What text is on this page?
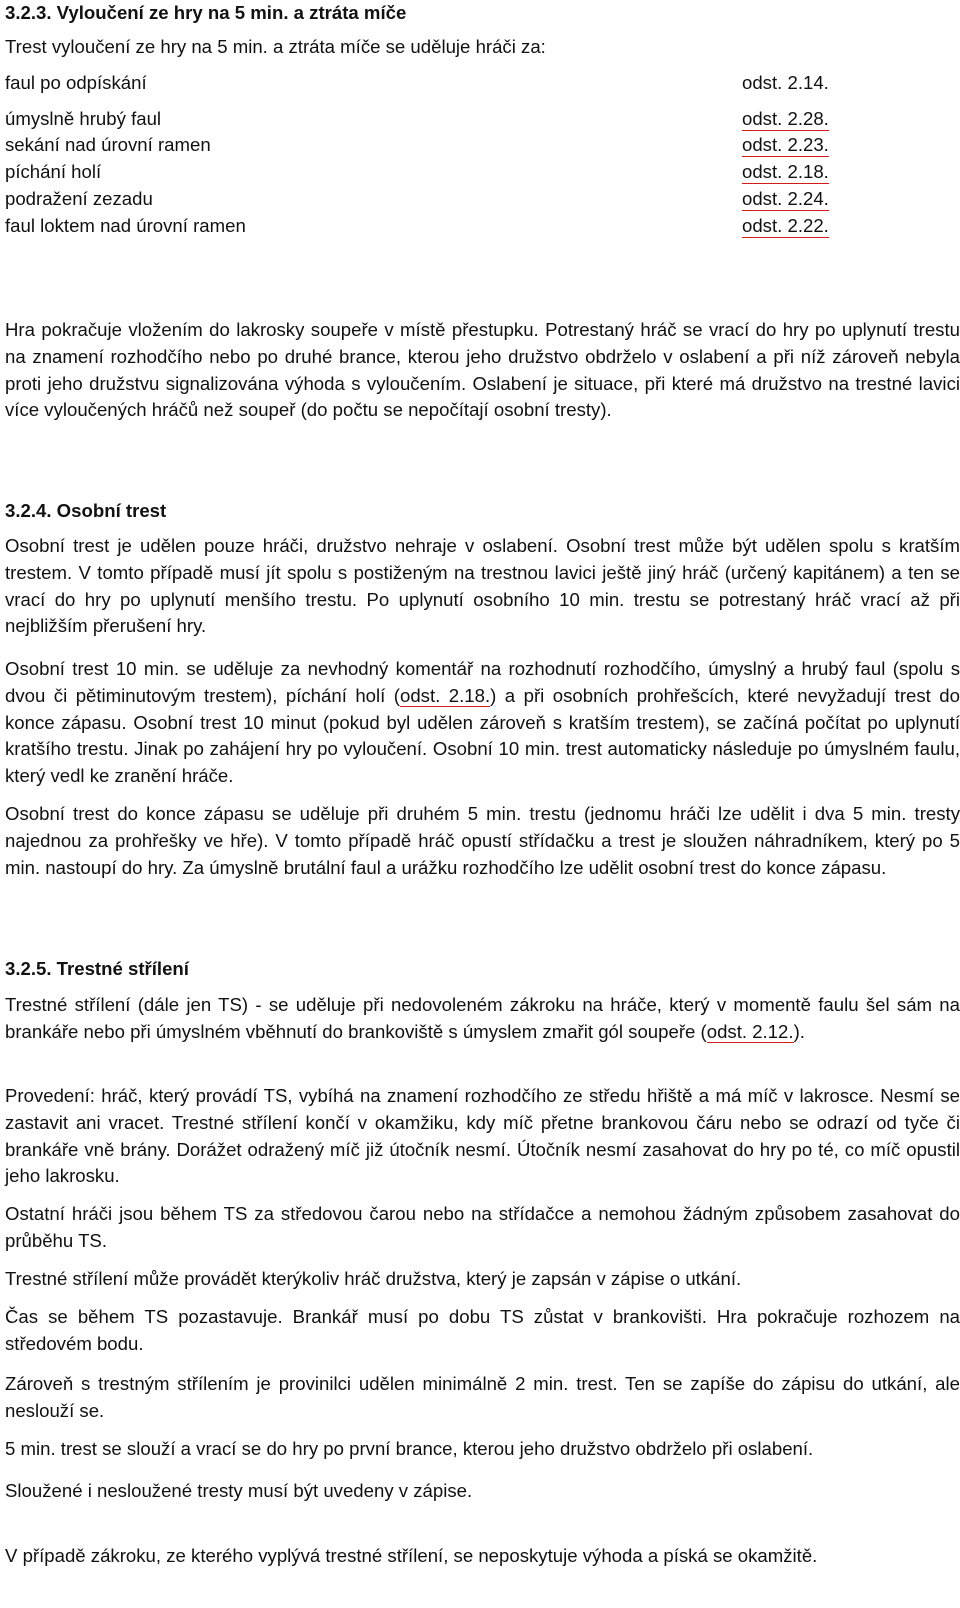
3.2.3. Vyloučení ze hry na 5 min. a ztráta míče
Trest vyloučení ze hry na 5 min. a ztráta míče se uděluje hráči za:
faul po odpískání	odst. 2.14.
úmyslně hrubý faul	odst. 2.28.
sekání nad úrovní ramen	odst. 2.23.
píchání holí	odst. 2.18.
podražení zezadu	odst. 2.24.
faul loktem nad úrovní ramen	odst. 2.22.
Hra pokračuje vložením do lakrosky soupeře v místě přestupku. Potrestaný hráč se vrací do hry po uplynutí trestu na znamení rozhodčího nebo po druhé brance, kterou jeho družstvo obdrželo v oslabení a při níž zároveň nebyla proti jeho družstvu signalizována výhoda s vyloučením. Oslabení je situace, při které má družstvo na trestné lavici více vyloučených hráčů než soupeř (do počtu se nepočítají osobní tresty).
3.2.4. Osobní trest
Osobní trest je udělen pouze hráči, družstvo nehraje v oslabení. Osobní trest může být udělen spolu s kratším trestem. V tomto případě musí jít spolu s postiženým na trestnou lavici ještě jiný hráč (určený kapitánem) a ten se vrací do hry po uplynutí menšího trestu. Po uplynutí osobního 10 min. trestu se potrestaný hráč vrací až při nejbližším přerušení hry.
Osobní trest 10 min. se uděluje za nevhodný komentář na rozhodnutí rozhodčího, úmyslný a hrubý faul (spolu s dvou či pětiminutovým trestem), píchání holí (odst. 2.18.) a při osobních prohřešcích, které nevyžadují trest do konce zápasu. Osobní trest 10 minut (pokud byl udělen zároveň s kratším trestem), se začíná počítat po uplynutí kratšího trestu. Jinak po zahájení hry po vyloučení. Osobní 10 min. trest automaticky následuje po úmyslném faulu, který vedl ke zranění hráče.
Osobní trest do konce zápasu se uděluje při druhém 5 min. trestu (jednomu hráči lze udělit i dva 5 min. tresty najednou za prohřešky ve hře). V tomto případě hráč opustí střídačku a trest je sloužen náhradníkem, který po 5 min. nastoupí do hry. Za úmyslně brutální faul a urážku rozhodčího lze udělit osobní trest do konce zápasu.
3.2.5. Trestné střílení
Trestné střílení (dále jen TS) - se uděluje při nedovoleném zákroku na hráče, který v momentě faulu šel sám na brankáře nebo při úmyslném vběhnutí do brankoviště s úmyslem zmařit gól soupeře (odst. 2.12.).
Provedení: hráč, který provádí TS, vybíhá na znamení rozhodčího ze středu hřiště a má míč v lakrosce. Nesmí se zastavit ani vracet. Trestné střílení končí v okamžiku, kdy míč přetne brankovou čáru nebo se odrazí od tyče či brankáře vně brány. Dorážet odražený míč již útočník nesmí. Útočník nesmí zasahovat do hry po té, co míč opustil jeho lakrosku.
Ostatní hráči jsou během TS za středovou čarou nebo na střídačce a nemohou žádným způsobem zasahovat do průběhu TS.
Trestné střílení může provádět kterýkoliv hráč družstva, který je zapsán v zápise o utkání.
Čas se během TS pozastavuje. Brankář musí po dobu TS zůstat v brankovišti. Hra pokračuje rozhozem na středovém bodu.
Zároveň s trestným střílením je provinilci udělen minimálně 2 min. trest. Ten se zapíše do zápisu do utkání, ale neslouží se.
5 min. trest se slouží a vrací se do hry po první brance, kterou jeho družstvo obdrželo při oslabení.
Sloužené i nesloužené tresty musí být uvedeny v zápise.
V případě zákroku, ze kterého vyplývá trestné střílení, se neposkytuje výhoda a píská se okamžitě.
